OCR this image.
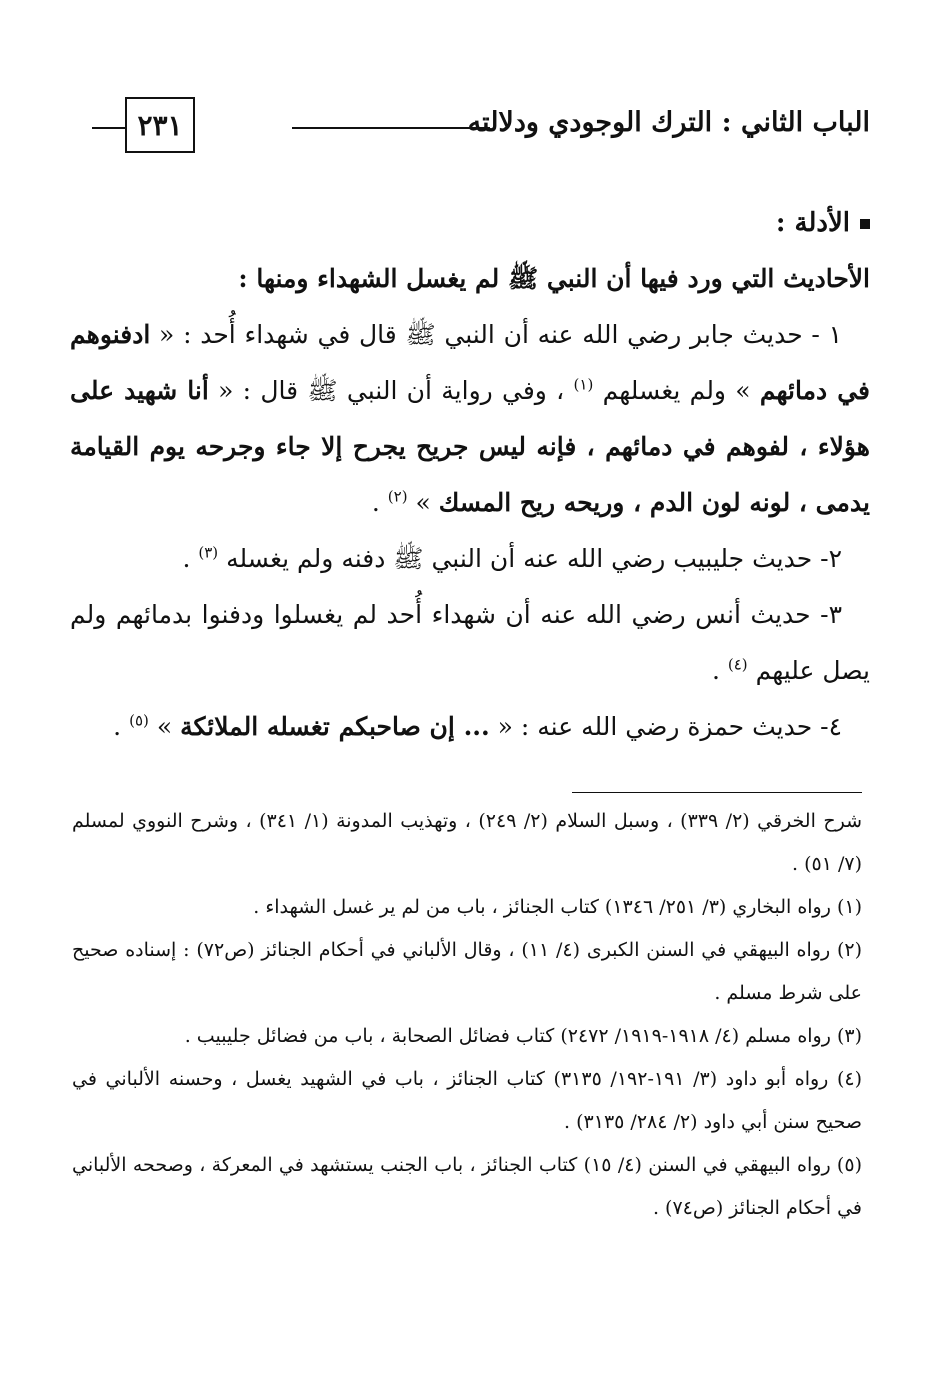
الباب الثاني : الترك الوجودي ودلالته
٢٣١

الأدلة :

الأحاديث التي ورد فيها أن النبي ﷺ لم يغسل الشهداء ومنها :

١ - حديث جابر رضي الله عنه أن النبي ﷺ قال في شهداء أُحد : « ادفنوهم في دمائهم » ولم يغسلهم $^{(١)}$ ، وفي رواية أن النبي ﷺ قال : « أنا شهيد على هؤلاء ، لفوهم في دمائهم ، فإنه ليس جريح يجرح إلا جاء وجرحه يوم القيامة يدمى ، لونه لون الدم ، وريحه ريح المسك » $^{(٢)}$ .

٢- حديث جليبيب رضي الله عنه أن النبي ﷺ دفنه ولم يغسله $^{(٣)}$ .

٣- حديث أنس رضي الله عنه أن شهداء أُحد لم يغسلوا ودفنوا بدمائهم ولم يصل عليهم $^{(٤)}$ .

٤- حديث حمزة رضي الله عنه : « ... إن صاحبكم تغسله الملائكة » $^{(٥)}$ .

شرح الخرقي (٢/ ٣٣٩) ، وسبل السلام (٢/ ٢٤٩) ، وتهذيب المدونة (١/ ٣٤١) ، وشرح النووي لمسلم (٧/ ٥١) .

(١) رواه البخاري (٣/ ٢٥١/ ١٣٤٦) كتاب الجنائز ، باب من لم ير غسل الشهداء .

(٢) رواه البيهقي في السنن الكبرى (٤/ ١١) ، وقال الألباني في أحكام الجنائز (ص٧٢) : إسناده صحيح على شرط مسلم .

(٣) رواه مسلم (٤/ ١٩١٨-١٩١٩/ ٢٤٧٢) كتاب فضائل الصحابة ، باب من فضائل جليبيب .

(٤) رواه أبو داود (٣/ ١٩١-١٩٢/ ٣١٣٥) كتاب الجنائز ، باب في الشهيد يغسل ، وحسنه الألباني في صحيح سنن أبي داود (٢/ ٢٨٤/ ٣١٣٥) .

(٥) رواه البيهقي في السنن (٤/ ١٥) كتاب الجنائز ، باب الجنب يستشهد في المعركة ، وصححه الألباني في أحكام الجنائز (ص٧٤) .
